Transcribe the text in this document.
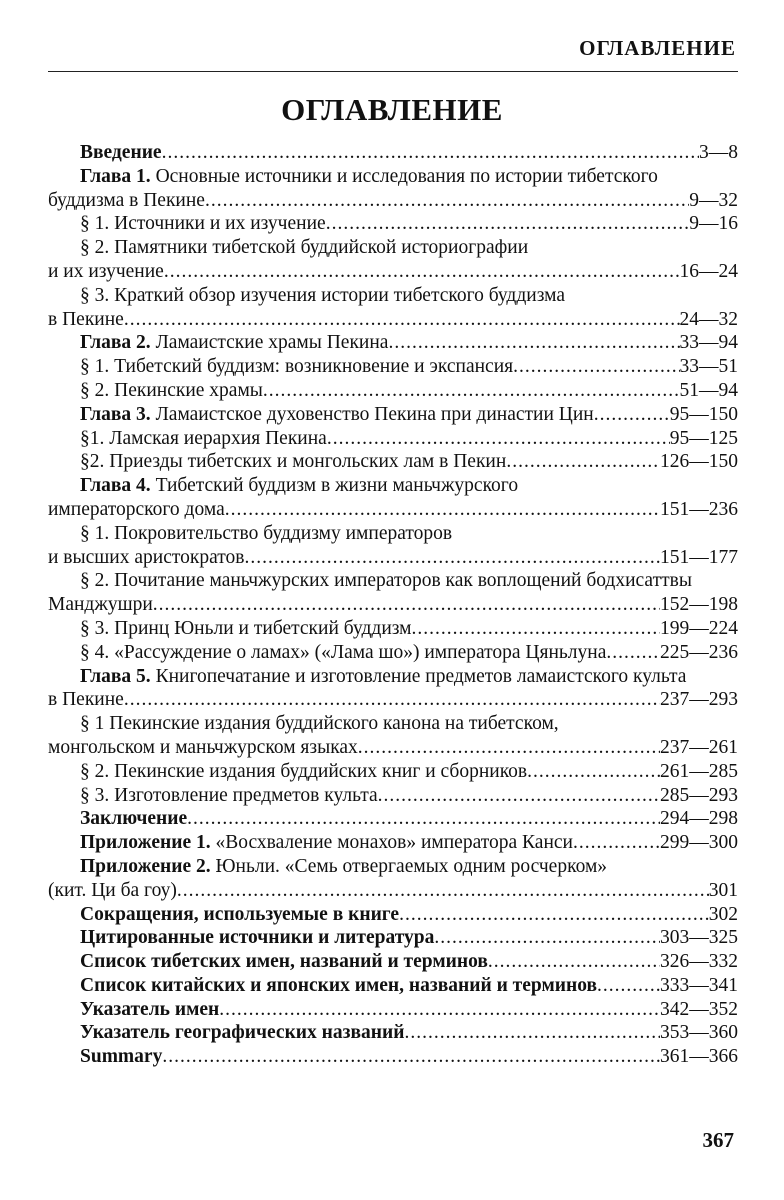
ОГЛАВЛЕНИЕ
ОГЛАВЛЕНИЕ
Введение .....	3—8
Глава 1. Основные источники и исследования по истории тибетского
буддизма в Пекине .....	9—32
§ 1. Источники и их изучение .....	9—16
§ 2. Памятники тибетской буддийской историографии
и их изучение .....	16—24
§ 3. Краткий обзор изучения истории тибетского буддизма
в Пекине .....	24—32
Глава 2. Ламаистские храмы Пекина .....	33—94
§ 1. Тибетский буддизм: возникновение и экспансия .....	33—51
§ 2. Пекинские храмы .....	51—94
Глава 3. Ламаистское духовенство Пекина при династии Цин .....	95—150
§1. Ламская иерархия Пекина .....	95—125
§2. Приезды тибетских и монгольских лам в Пекин .....	126—150
Глава 4. Тибетский буддизм в жизни маньчжурского
императорского дома .....	151—236
§ 1. Покровительство буддизму императоров
и высших аристократов .....	151—177
§ 2. Почитание маньчжурских императоров как воплощений бодхисаттвы
Манджушри .....	152—198
§ 3. Принц Юньли и тибетский буддизм .....	199—224
§ 4. «Рассуждение о ламах» («Лама шо») императора Цяньлуна .....	225—236
Глава 5. Книгопечатание и изготовление предметов ламаистского культа
в Пекине .....	237—293
§ 1 Пекинские издания буддийского канона на тибетском,
монгольском и маньчжурском языках .....	237—261
§ 2. Пекинские издания буддийских книг и сборников .....	261—285
§ 3. Изготовление предметов культа .....	285—293
Заключение .....	294—298
Приложение 1. «Восхваление монахов» императора Канси .....	299—300
Приложение 2. Юньли. «Семь отвергаемых одним росчерком»
(кит. Ци ба гоу) .....	301
Сокращения, используемые в книге .....	302
Цитированные источники и литература .....	303—325
Список тибетских имен, названий и терминов .....	326—332
Список китайских и японских имен, названий и терминов .....	333—341
Указатель имен .....	342—352
Указатель географических названий .....	353—360
Summary .....	361—366
367
